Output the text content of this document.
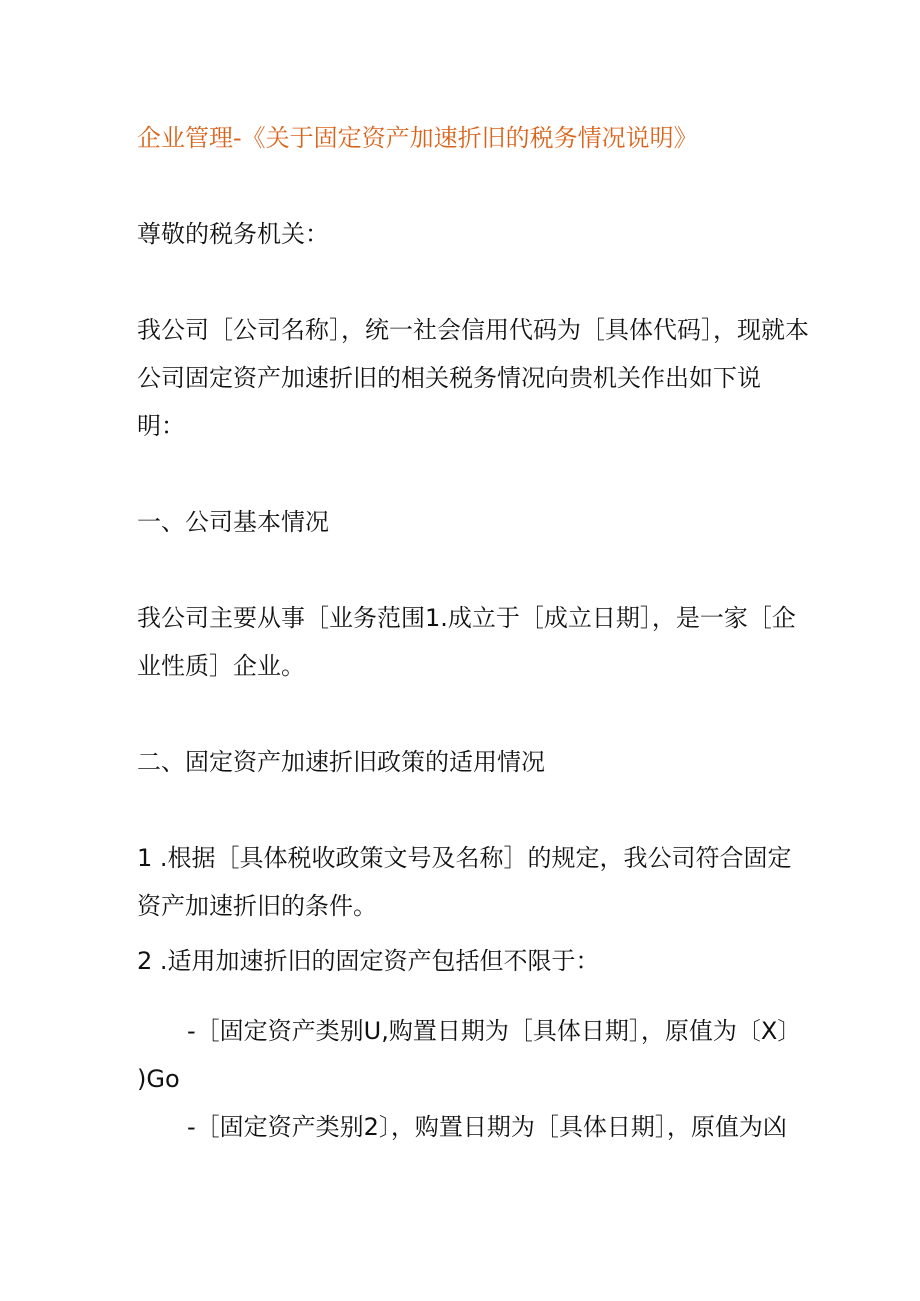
企业管理-《关于固定资产加速折旧的税务情况说明》
尊敬的税务机关：
我公司［公司名称］，统一社会信用代码为［具体代码］，现就本
公司固定资产加速折旧的相关税务情况向贵机关作出如下说
明：
一、公司基本情况
我公司主要从事［业务范围1.成立于［成立日期］，是一家［企
业性质］企业。
二、固定资产加速折旧政策的适用情况
1 .根据［具体税收政策文号及名称］的规定，我公司符合固定
资产加速折旧的条件。
2 .适用加速折旧的固定资产包括但不限于：
-［固定资产类别U,购置日期为［具体日期］，原值为〔X〕
)Go
-［固定资产类别2〕，购置日期为［具体日期］，原值为凶
